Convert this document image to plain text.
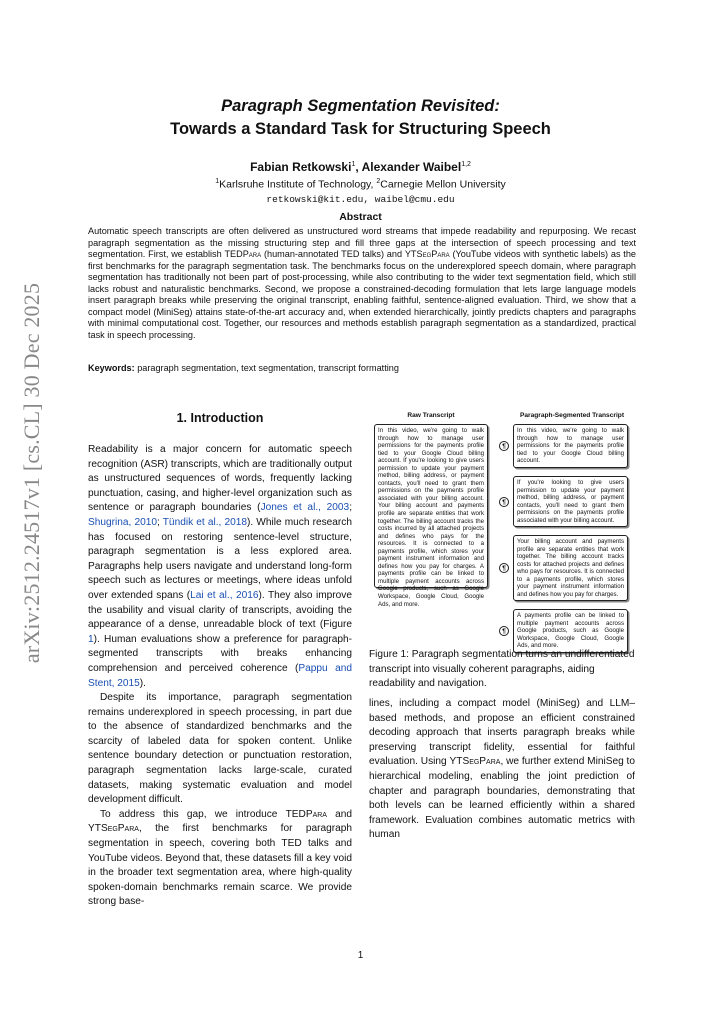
arXiv:2512.24517v1 [cs.CL] 30 Dec 2025
Paragraph Segmentation Revisited:
Towards a Standard Task for Structuring Speech
Fabian Retkowski$^1$, Alexander Waibel$^{1,2}$
$^1$Karlsruhe Institute of Technology, $^2$Carnegie Mellon University
retkowski@kit.edu, waibel@cmu.edu
Abstract
Automatic speech transcripts are often delivered as unstructured word streams that impede readability and repurposing. We recast paragraph segmentation as the missing structuring step and fill three gaps at the intersection of speech processing and text segmentation. First, we establish TEDPara (human-annotated TED talks) and YTSegPara (YouTube videos with synthetic labels) as the first benchmarks for the paragraph segmentation task. The benchmarks focus on the underexplored speech domain, where paragraph segmentation has traditionally not been part of post-processing, while also contributing to the wider text segmentation field, which still lacks robust and naturalistic benchmarks. Second, we propose a constrained-decoding formulation that lets large language models insert paragraph breaks while preserving the original transcript, enabling faithful, sentence-aligned evaluation. Third, we show that a compact model (MiniSeg) attains state-of-the-art accuracy and, when extended hierarchically, jointly predicts chapters and paragraphs with minimal computational cost. Together, our resources and methods establish paragraph segmentation as a standardized, practical task in speech processing.
Keywords: paragraph segmentation, text segmentation, transcript formatting
1. Introduction

Readability is a major concern for automatic speech recognition (ASR) transcripts, which are traditionally output as unstructured sequences of words, frequently lacking punctuation, casing, and higher-level organization such as sentence or paragraph boundaries (Jones et al., 2003; Shugrina, 2010; Tündik et al., 2018). While much research has focused on restoring sentence-level structure, paragraph segmentation is a less explored area. Paragraphs help users navigate and understand long-form speech such as lectures or meetings, where ideas unfold over extended spans (Lai et al., 2016). They also improve the usability and visual clarity of transcripts, avoiding the appearance of a dense, unreadable block of text (Figure 1). Human evaluations show a preference for paragraph-segmented transcripts with breaks enhancing comprehension and perceived coherence (Pappu and Stent, 2015).

Despite its importance, paragraph segmentation remains underexplored in speech processing, in part due to the absence of standardized benchmarks and the scarcity of labeled data for spoken content. Unlike sentence boundary detection or punctuation restoration, paragraph segmentation lacks large-scale, curated datasets, making systematic evaluation and model development difficult.

To address this gap, we introduce TEDPara and YTSegPara, the first benchmarks for paragraph segmentation in speech, covering both TED talks and YouTube videos. Beyond that, these datasets fill a key void in the broader text segmentation area, where high-quality spoken-domain benchmarks remain scarce. We provide strong base-

Raw Transcript	Paragraph-Segmented Transcript
In this video, we're going to walk through how to manage user permissions for the payments profile tied to your Google Cloud billing account. If you're looking to give users permission to update your payment method, billing address, or payment contacts, you'll need to grant them permissions on the payments profile associated with your billing account. Your billing account and payments profile are separate entities that work together. The billing account tracks the costs incurred by all attached projects and defines who pays for the resources. It is connected to a payments profile, which stores your payment instrument information and defines how you pay for charges. A payments profile can be linked to multiple payment accounts across Google products, such as Google Workspace, Google Cloud, Google Ads, and more.
¶
¶
¶
¶
In this video, we're going to walk through how to manage user permissions for the payments profile tied to your Google Cloud billing account.
If you're looking to give users permission to update your payment method, billing address, or payment contacts, you'll need to grant them permissions on the payments profile associated with your billing account.
Your billing account and payments profile are separate entities that work together. The billing account tracks costs for attached projects and defines who pays for resources. It is connected to a payments profile, which stores your payment instrument information and defines how you pay for charges.
A payments profile can be linked to multiple payment accounts across Google products, such as Google Workspace, Google Cloud, Google Ads, and more.
Figure 1: Paragraph segmentation turns an undifferentiated transcript into visually coherent paragraphs, aiding readability and navigation.
lines, including a compact model (MiniSeg) and LLM–based methods, and propose an efficient constrained decoding approach that inserts paragraph breaks while preserving transcript fidelity, essential for faithful evaluation. Using YTSegPara, we further extend MiniSeg to hierarchical modeling, enabling the joint prediction of chapter and paragraph boundaries, demonstrating that both levels can be learned efficiently within a shared framework. Evaluation combines automatic metrics with human
1
